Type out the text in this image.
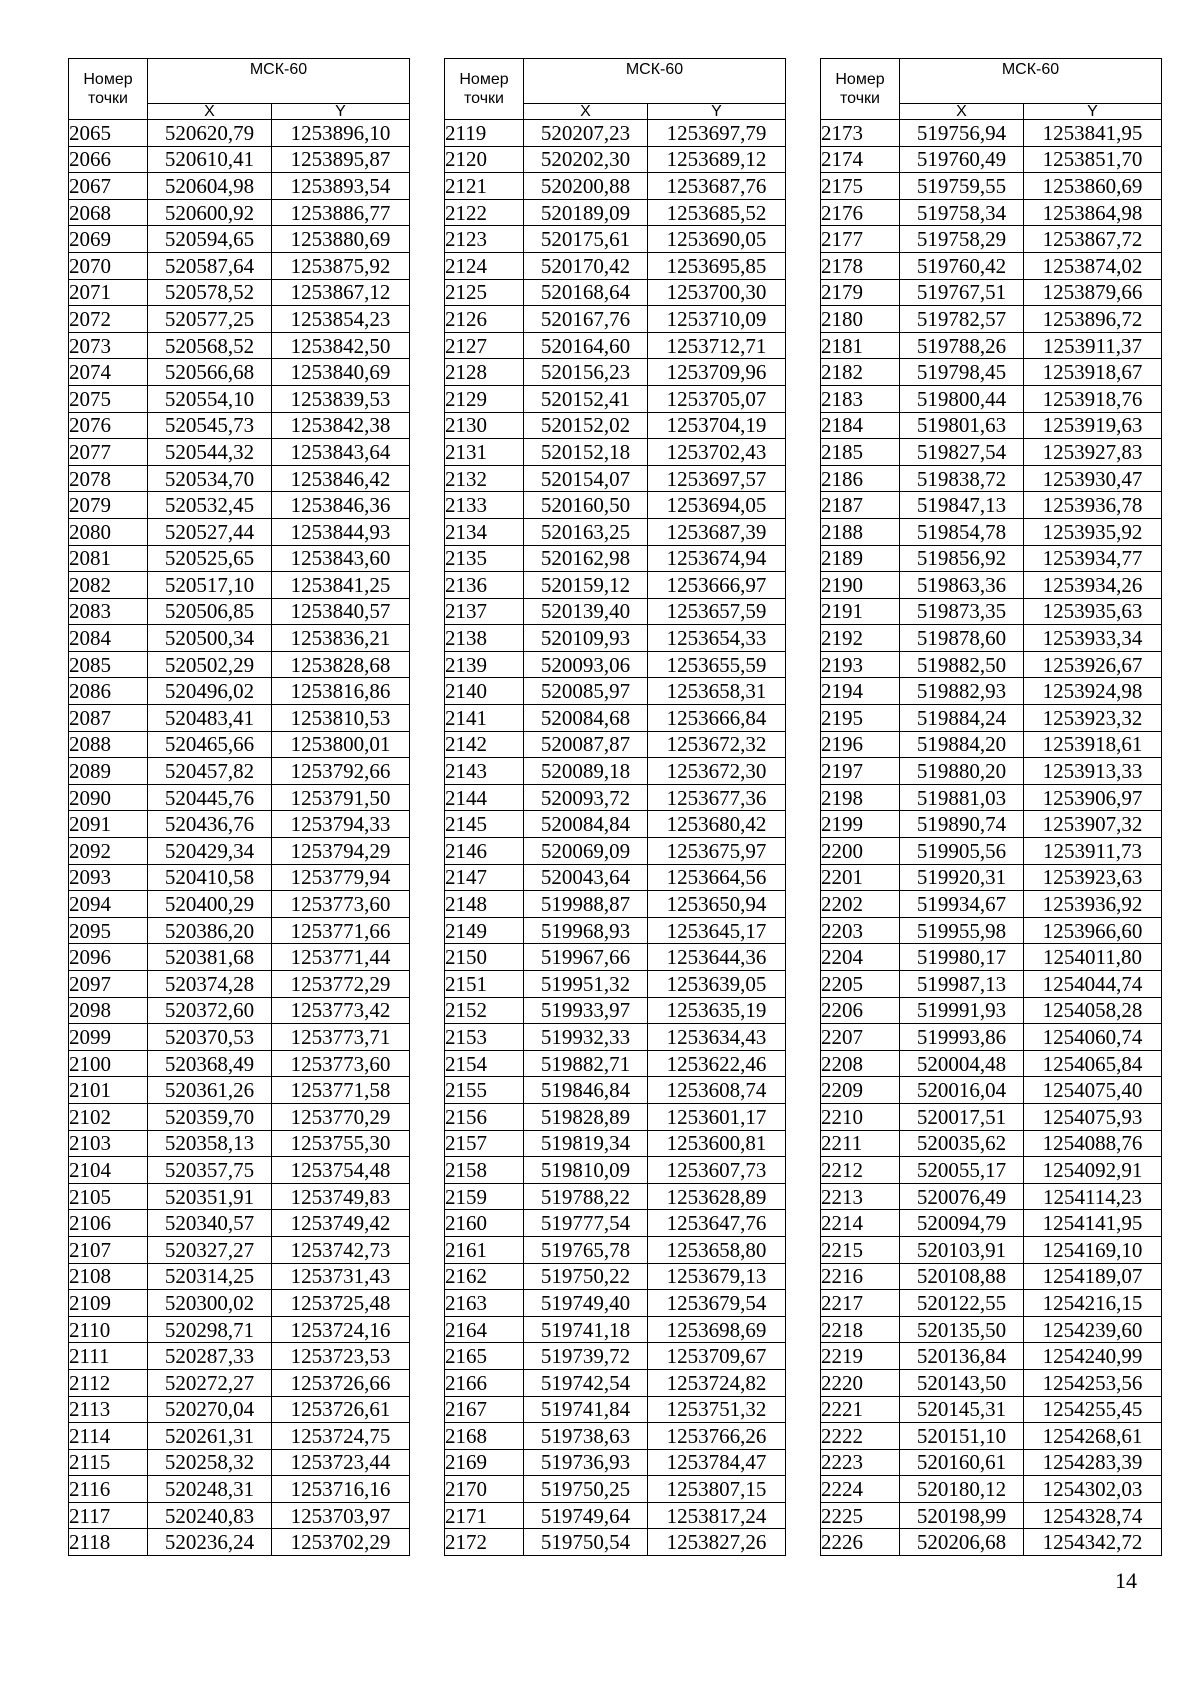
Номер точки	МСК-60	
	X	Y
2065	520620,79	1253896,10
2066	520610,41	1253895,87
2067	520604,98	1253893,54
2068	520600,92	1253886,77
2069	520594,65	1253880,69
2070	520587,64	1253875,92
2071	520578,52	1253867,12
2072	520577,25	1253854,23
2073	520568,52	1253842,50
2074	520566,68	1253840,69
2075	520554,10	1253839,53
2076	520545,73	1253842,38
2077	520544,32	1253843,64
2078	520534,70	1253846,42
2079	520532,45	1253846,36
2080	520527,44	1253844,93
2081	520525,65	1253843,60
2082	520517,10	1253841,25
2083	520506,85	1253840,57
2084	520500,34	1253836,21
2085	520502,29	1253828,68
2086	520496,02	1253816,86
2087	520483,41	1253810,53
2088	520465,66	1253800,01
2089	520457,82	1253792,66
2090	520445,76	1253791,50
2091	520436,76	1253794,33
2092	520429,34	1253794,29
2093	520410,58	1253779,94
2094	520400,29	1253773,60
2095	520386,20	1253771,66
2096	520381,68	1253771,44
2097	520374,28	1253772,29
2098	520372,60	1253773,42
2099	520370,53	1253773,71
2100	520368,49	1253773,60
2101	520361,26	1253771,58
2102	520359,70	1253770,29
2103	520358,13	1253755,30
2104	520357,75	1253754,48
2105	520351,91	1253749,83
2106	520340,57	1253749,42
2107	520327,27	1253742,73
2108	520314,25	1253731,43
2109	520300,02	1253725,48
2110	520298,71	1253724,16
2111	520287,33	1253723,53
2112	520272,27	1253726,66
2113	520270,04	1253726,61
2114	520261,31	1253724,75
2115	520258,32	1253723,44
2116	520248,31	1253716,16
2117	520240,83	1253703,97
2118	520236,24	1253702,29
Номер точки	МСК-60	
	X	Y
2119	520207,23	1253697,79
2120	520202,30	1253689,12
2121	520200,88	1253687,76
2122	520189,09	1253685,52
2123	520175,61	1253690,05
2124	520170,42	1253695,85
2125	520168,64	1253700,30
2126	520167,76	1253710,09
2127	520164,60	1253712,71
2128	520156,23	1253709,96
2129	520152,41	1253705,07
2130	520152,02	1253704,19
2131	520152,18	1253702,43
2132	520154,07	1253697,57
2133	520160,50	1253694,05
2134	520163,25	1253687,39
2135	520162,98	1253674,94
2136	520159,12	1253666,97
2137	520139,40	1253657,59
2138	520109,93	1253654,33
2139	520093,06	1253655,59
2140	520085,97	1253658,31
2141	520084,68	1253666,84
2142	520087,87	1253672,32
2143	520089,18	1253672,30
2144	520093,72	1253677,36
2145	520084,84	1253680,42
2146	520069,09	1253675,97
2147	520043,64	1253664,56
2148	519988,87	1253650,94
2149	519968,93	1253645,17
2150	519967,66	1253644,36
2151	519951,32	1253639,05
2152	519933,97	1253635,19
2153	519932,33	1253634,43
2154	519882,71	1253622,46
2155	519846,84	1253608,74
2156	519828,89	1253601,17
2157	519819,34	1253600,81
2158	519810,09	1253607,73
2159	519788,22	1253628,89
2160	519777,54	1253647,76
2161	519765,78	1253658,80
2162	519750,22	1253679,13
2163	519749,40	1253679,54
2164	519741,18	1253698,69
2165	519739,72	1253709,67
2166	519742,54	1253724,82
2167	519741,84	1253751,32
2168	519738,63	1253766,26
2169	519736,93	1253784,47
2170	519750,25	1253807,15
2171	519749,64	1253817,24
2172	519750,54	1253827,26
Номер точки	МСК-60	
	X	Y
2173	519756,94	1253841,95
2174	519760,49	1253851,70
2175	519759,55	1253860,69
2176	519758,34	1253864,98
2177	519758,29	1253867,72
2178	519760,42	1253874,02
2179	519767,51	1253879,66
2180	519782,57	1253896,72
2181	519788,26	1253911,37
2182	519798,45	1253918,67
2183	519800,44	1253918,76
2184	519801,63	1253919,63
2185	519827,54	1253927,83
2186	519838,72	1253930,47
2187	519847,13	1253936,78
2188	519854,78	1253935,92
2189	519856,92	1253934,77
2190	519863,36	1253934,26
2191	519873,35	1253935,63
2192	519878,60	1253933,34
2193	519882,50	1253926,67
2194	519882,93	1253924,98
2195	519884,24	1253923,32
2196	519884,20	1253918,61
2197	519880,20	1253913,33
2198	519881,03	1253906,97
2199	519890,74	1253907,32
2200	519905,56	1253911,73
2201	519920,31	1253923,63
2202	519934,67	1253936,92
2203	519955,98	1253966,60
2204	519980,17	1254011,80
2205	519987,13	1254044,74
2206	519991,93	1254058,28
2207	519993,86	1254060,74
2208	520004,48	1254065,84
2209	520016,04	1254075,40
2210	520017,51	1254075,93
2211	520035,62	1254088,76
2212	520055,17	1254092,91
2213	520076,49	1254114,23
2214	520094,79	1254141,95
2215	520103,91	1254169,10
2216	520108,88	1254189,07
2217	520122,55	1254216,15
2218	520135,50	1254239,60
2219	520136,84	1254240,99
2220	520143,50	1254253,56
2221	520145,31	1254255,45
2222	520151,10	1254268,61
2223	520160,61	1254283,39
2224	520180,12	1254302,03
2225	520198,99	1254328,74
2226	520206,68	1254342,72
14
